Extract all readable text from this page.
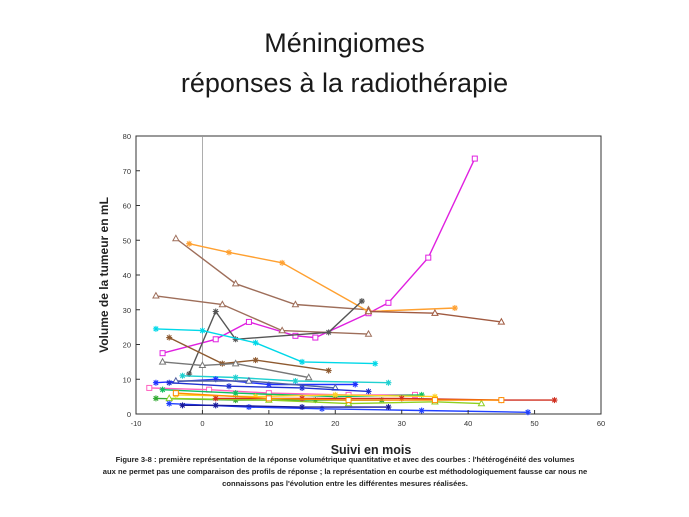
Méningiomes
réponses à la radiothérapie
-10	0	10	20	30	40	50	60
0
10
20
30
40
50
60
70
80
Suivi en mois
Volume de la tumeur en mL
Figure 3-8 : première représentation de la réponse volumétrique quantitative et avec des courbes : l'hétérogénéité des volumes
aux ne permet pas une comparaison des profils de réponse ; la représentation en courbe est méthodologiquement fausse car nous ne
connaissons pas l'évolution entre les différentes mesures réalisées.
